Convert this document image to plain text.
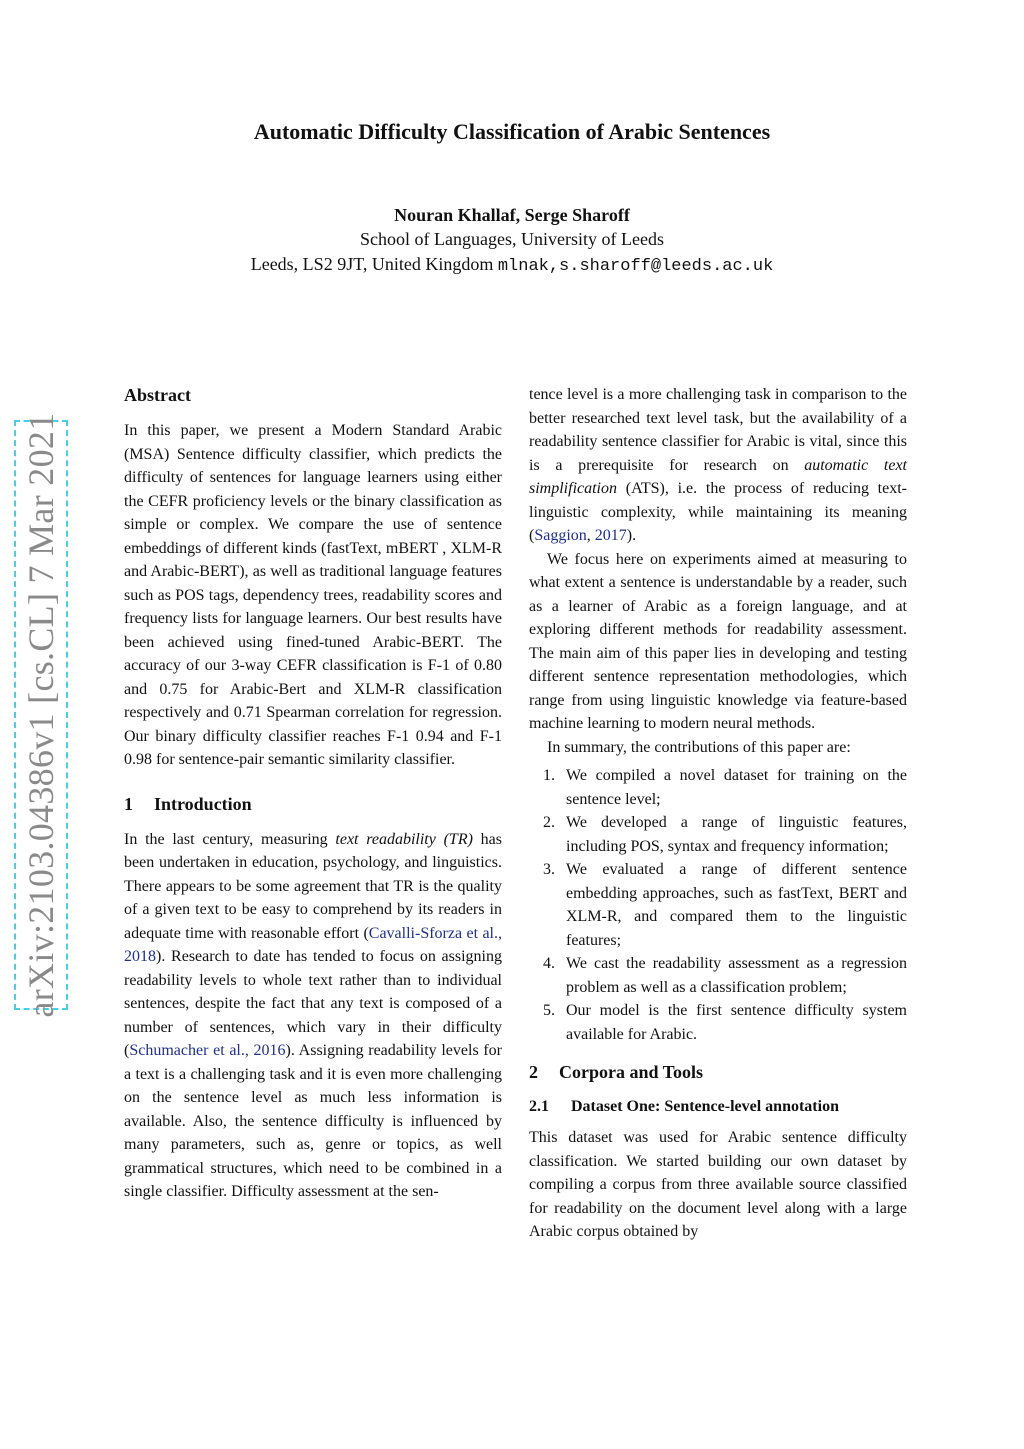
arXiv:2103.04386v1 [cs.CL] 7 Mar 2021
Automatic Difficulty Classification of Arabic Sentences
Nouran Khallaf, Serge Sharoff
School of Languages, University of Leeds
Leeds, LS2 9JT, United Kingdom mlnak,s.sharoff@leeds.ac.uk
Abstract

In this paper, we present a Modern Standard Arabic (MSA) Sentence difficulty classifier, which predicts the difficulty of sentences for language learners using either the CEFR proficiency levels or the binary classification as simple or complex. We compare the use of sentence embeddings of different kinds (fastText, mBERT , XLM-R and Arabic-BERT), as well as traditional language features such as POS tags, dependency trees, readability scores and frequency lists for language learners. Our best results have been achieved using fined-tuned Arabic-BERT. The accuracy of our 3-way CEFR classification is F-1 of 0.80 and 0.75 for Arabic-Bert and XLM-R classification respectively and 0.71 Spearman correlation for regression. Our binary difficulty classifier reaches F-1 0.94 and F-1 0.98 for sentence-pair semantic similarity classifier.

1 Introduction

In the last century, measuring text readability (TR) has been undertaken in education, psychology, and linguistics. There appears to be some agreement that TR is the quality of a given text to be easy to comprehend by its readers in adequate time with reasonable effort (Cavalli-Sforza et al., 2018). Research to date has tended to focus on assigning readability levels to whole text rather than to individual sentences, despite the fact that any text is composed of a number of sentences, which vary in their difficulty (Schumacher et al., 2016). Assigning readability levels for a text is a challenging task and it is even more challenging on the sentence level as much less information is available. Also, the sentence difficulty is influenced by many parameters, such as, genre or topics, as well grammatical structures, which need to be combined in a single classifier. Difficulty assessment at the sen-

tence level is a more challenging task in comparison to the better researched text level task, but the availability of a readability sentence classifier for Arabic is vital, since this is a prerequisite for research on automatic text simplification (ATS), i.e. the process of reducing text-linguistic complexity, while maintaining its meaning (Saggion, 2017).

We focus here on experiments aimed at measuring to what extent a sentence is understandable by a reader, such as a learner of Arabic as a foreign language, and at exploring different methods for readability assessment. The main aim of this paper lies in developing and testing different sentence representation methodologies, which range from using linguistic knowledge via feature-based machine learning to modern neural methods.

In summary, the contributions of this paper are:

1. We compiled a novel dataset for training on the sentence level;
2. We developed a range of linguistic features, including POS, syntax and frequency information;
3. We evaluated a range of different sentence embedding approaches, such as fastText, BERT and XLM-R, and compared them to the linguistic features;
4. We cast the readability assessment as a regression problem as well as a classification problem;
5. Our model is the first sentence difficulty system available for Arabic.
2 Corpora and Tools
2.1 Dataset One: Sentence-level annotation

This dataset was used for Arabic sentence difficulty classification. We started building our own dataset by compiling a corpus from three available source classified for readability on the document level along with a large Arabic corpus obtained by
